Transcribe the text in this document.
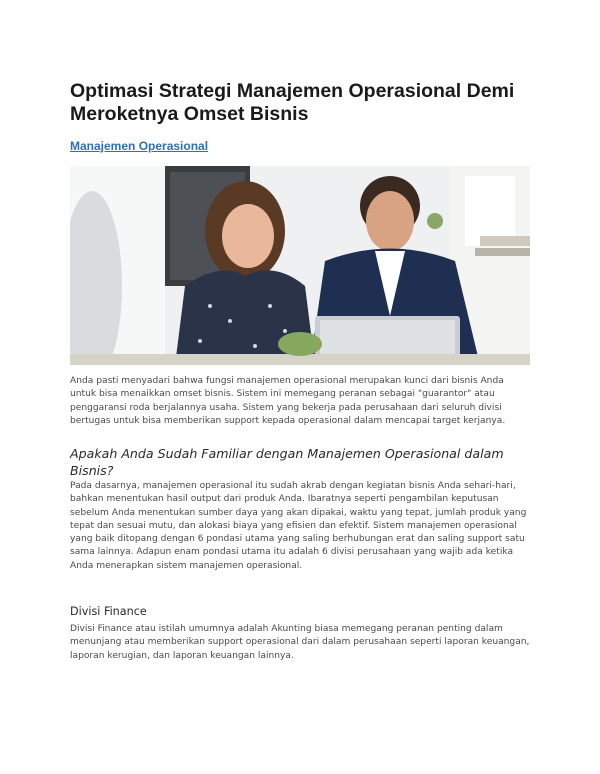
Optimasi Strategi Manajemen Operasional Demi Meroketnya Omset Bisnis
Manajemen Operasional

Anda pasti menyadari bahwa fungsi manajemen operasional merupakan kunci dari bisnis Anda untuk bisa menaikkan omset bisnis. Sistem ini memegang peranan sebagai "guarantor" atau penggaransi roda berjalannya usaha. Sistem yang bekerja pada perusahaan dari seluruh divisi bertugas untuk bisa memberikan support kepada operasional dalam mencapai target kerjanya.

Apakah Anda Sudah Familiar dengan Manajemen Operasional dalam Bisnis?

Pada dasarnya, manajemen operasional itu sudah akrab dengan kegiatan bisnis Anda sehari-hari, bahkan menentukan hasil output dari produk Anda. Ibaratnya seperti pengambilan keputusan sebelum Anda menentukan sumber daya yang akan dipakai, waktu yang tepat, jumlah produk yang tepat dan sesuai mutu, dan alokasi biaya yang efisien dan efektif. Sistem manajemen operasional yang baik ditopang dengan 6 pondasi utama yang saling berhubungan erat dan saling support satu sama lainnya. Adapun enam pondasi utama itu adalah 6 divisi perusahaan yang wajib ada ketika Anda menerapkan sistem manajemen operasional.

Divisi Finance

Divisi Finance atau istilah umumnya adalah Akunting biasa memegang peranan penting dalam menunjang atau memberikan support operasional dari dalam perusahaan seperti laporan keuangan, laporan kerugian, dan laporan keuangan lainnya.
